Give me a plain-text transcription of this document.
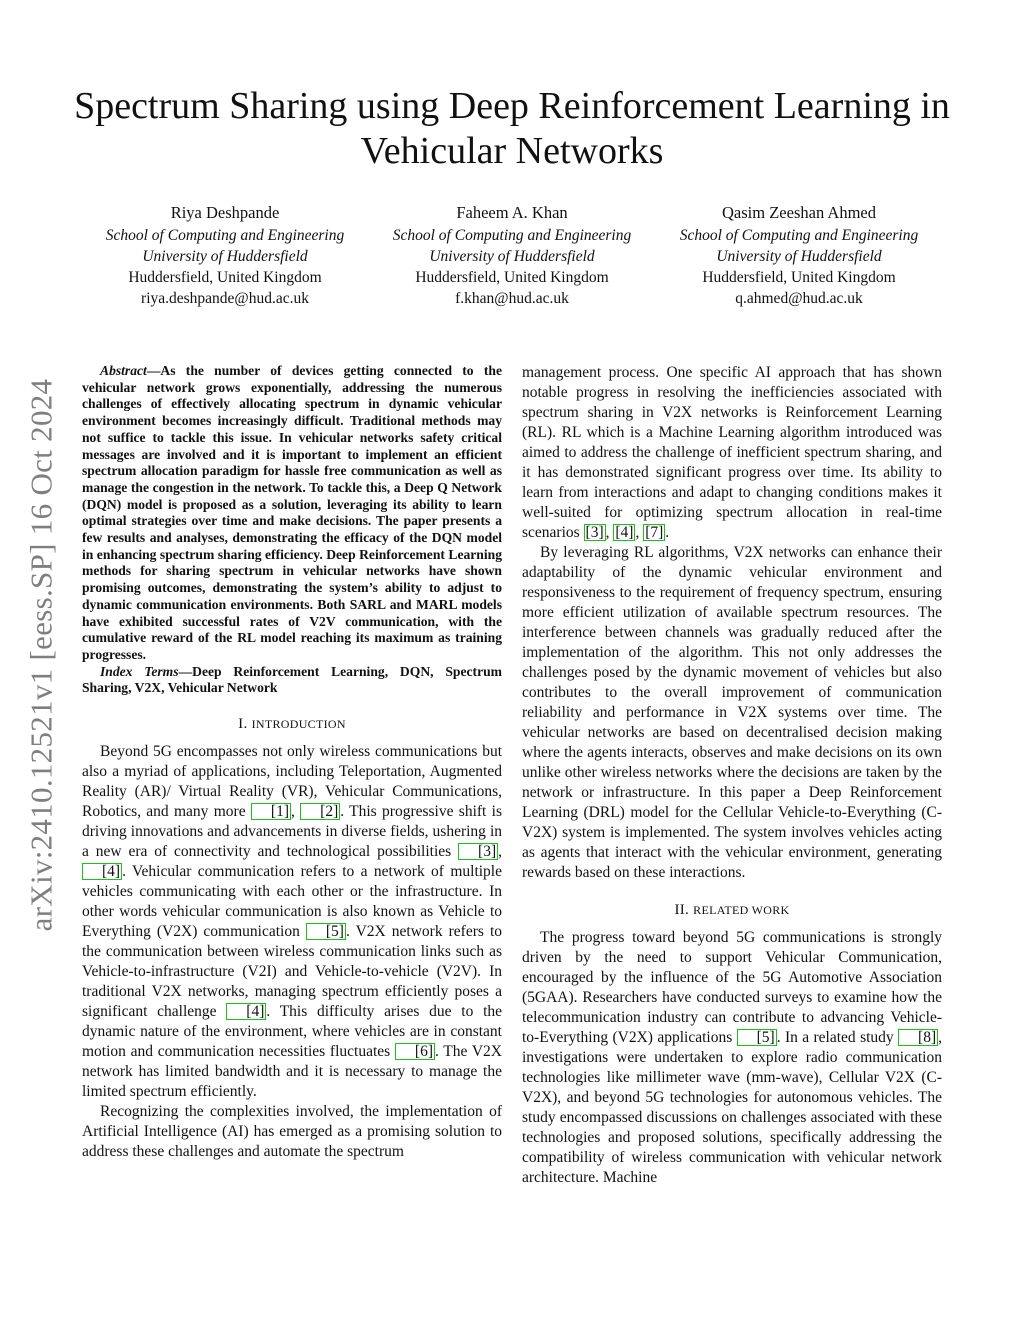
arXiv:2410.12521v1 [eess.SP] 16 Oct 2024
Spectrum Sharing using Deep Reinforcement Learning in Vehicular Networks
Riya Deshpande
School of Computing and Engineering
University of Huddersfield
Huddersfield, United Kingdom
riya.deshpande@hud.ac.uk
Faheem A. Khan
School of Computing and Engineering
University of Huddersfield
Huddersfield, United Kingdom
f.khan@hud.ac.uk
Qasim Zeeshan Ahmed
School of Computing and Engineering
University of Huddersfield
Huddersfield, United Kingdom
q.ahmed@hud.ac.uk

Abstract—As the number of devices getting connected to the vehicular network grows exponentially, addressing the numerous challenges of effectively allocating spectrum in dynamic vehicular environment becomes increasingly difficult. Traditional methods may not suffice to tackle this issue. In vehicular networks safety critical messages are involved and it is important to implement an efficient spectrum allocation paradigm for hassle free communication as well as manage the congestion in the network. To tackle this, a Deep Q Network (DQN) model is proposed as a solution, leveraging its ability to learn optimal strategies over time and make decisions. The paper presents a few results and analyses, demonstrating the efficacy of the DQN model in enhancing spectrum sharing efficiency. Deep Reinforcement Learning methods for sharing spectrum in vehicular networks have shown promising outcomes, demonstrating the system’s ability to adjust to dynamic communication environments. Both SARL and MARL models have exhibited successful rates of V2V communication, with the cumulative reward of the RL model reaching its maximum as training progresses.

Index Terms—Deep Reinforcement Learning, DQN, Spectrum Sharing, V2X, Vehicular Network

I. INTRODUCTION

Beyond 5G encompasses not only wireless communications but also a myriad of applications, including Teleportation, Augmented Reality (AR)/ Virtual Reality (VR), Vehicular Communications, Robotics, and many more [1] , [2] . This progressive shift is driving innovations and advancements in diverse fields, ushering in a new era of connectivity and technological possibilities [3] , [4] . Vehicular communication refers to a network of multiple vehicles communicating with each other or the infrastructure. In other words vehicular communication is also known as Vehicle to Everything (V2X) communication [5] . V2X network refers to the communication between wireless communication links such as Vehicle-to-infrastructure (V2I) and Vehicle-to-vehicle (V2V). In traditional V2X networks, managing spectrum efficiently poses a significant challenge [4] . This difficulty arises due to the dynamic nature of the environment, where vehicles are in constant motion and communication necessities fluctuates [6] . The V2X network has limited bandwidth and it is necessary to manage the limited spectrum efficiently.

Recognizing the complexities involved, the implementation of Artificial Intelligence (AI) has emerged as a promising solution to address these challenges and automate the spectrum

management process. One specific AI approach that has shown notable progress in resolving the inefficiencies associated with spectrum sharing in V2X networks is Reinforcement Learning (RL). RL which is a Machine Learning algorithm introduced was aimed to address the challenge of inefficient spectrum sharing, and it has demonstrated significant progress over time. Its ability to learn from interactions and adapt to changing conditions makes it well-suited for optimizing spectrum allocation in real-time scenarios [3] , [4] , [7] .

By leveraging RL algorithms, V2X networks can enhance their adaptability of the dynamic vehicular environment and responsiveness to the requirement of frequency spectrum, ensuring more efficient utilization of available spectrum resources. The interference between channels was gradually reduced after the implementation of the algorithm. This not only addresses the challenges posed by the dynamic movement of vehicles but also contributes to the overall improvement of communication reliability and performance in V2X systems over time. The vehicular networks are based on decentralised decision making where the agents interacts, observes and make decisions on its own unlike other wireless networks where the decisions are taken by the network or infrastructure. In this paper a Deep Reinforcement Learning (DRL) model for the Cellular Vehicle-to-Everything (C-V2X) system is implemented. The system involves vehicles acting as agents that interact with the vehicular environment, generating rewards based on these interactions.

II. RELATED WORK

The progress toward beyond 5G communications is strongly driven by the need to support Vehicular Communication, encouraged by the influence of the 5G Automotive Association (5GAA). Researchers have conducted surveys to examine how the telecommunication industry can contribute to advancing Vehicle-to-Everything (V2X) applications [5] . In a related study [8] , investigations were undertaken to explore radio communication technologies like millimeter wave (mm-wave), Cellular V2X (C-V2X), and beyond 5G technologies for autonomous vehicles. The study encompassed discussions on challenges associated with these technologies and proposed solutions, specifically addressing the compatibility of wireless communication with vehicular network architecture. Machine
